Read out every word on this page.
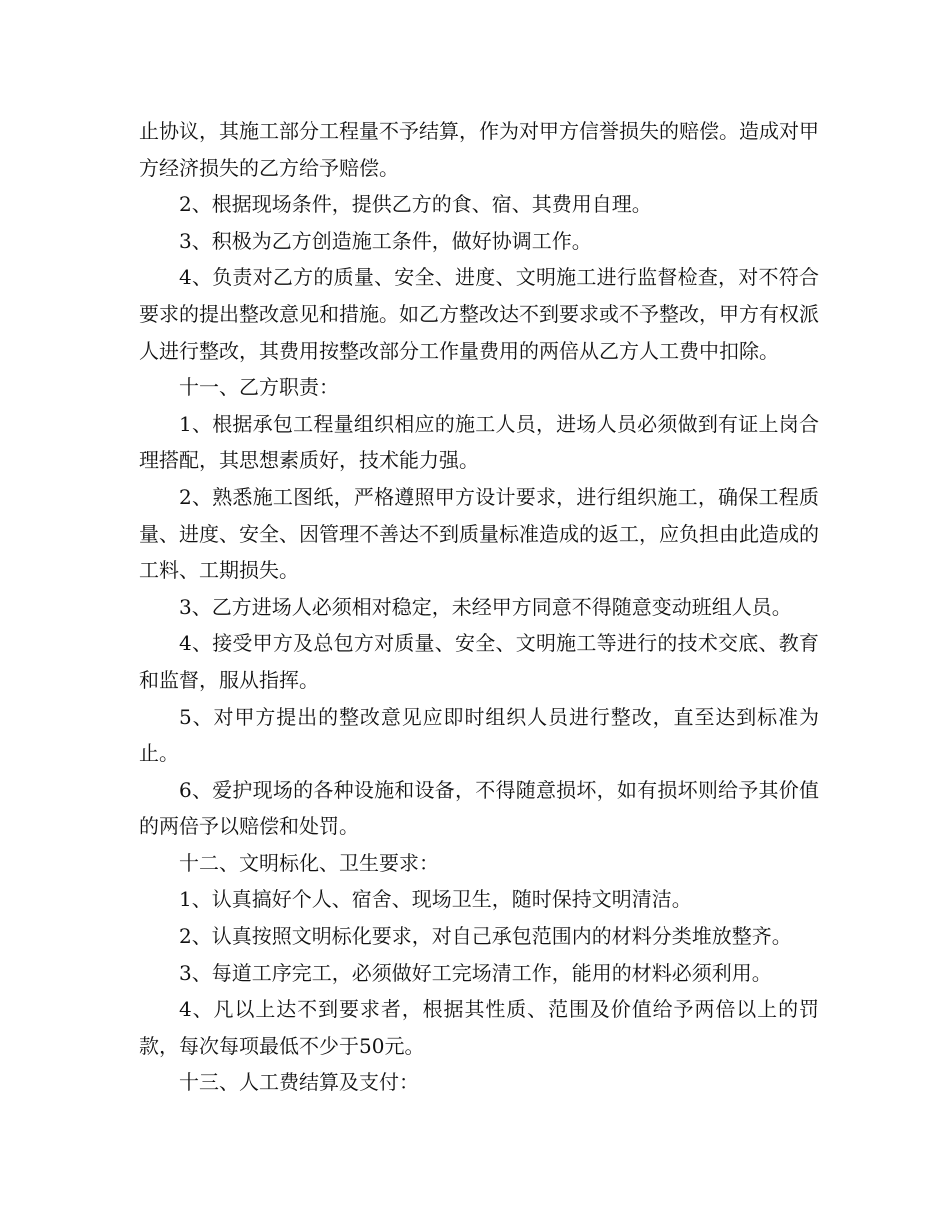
止协议，其施工部分工程量不予结算，作为对甲方信誉损失的赔偿。造成对甲方经济损失的乙方给予赔偿。

2、根据现场条件，提供乙方的食、宿、其费用自理。

3、积极为乙方创造施工条件，做好协调工作。

4、负责对乙方的质量、安全、进度、文明施工进行监督检查，对不符合要求的提出整改意见和措施。如乙方整改达不到要求或不予整改，甲方有权派人进行整改，其费用按整改部分工作量费用的两倍从乙方人工费中扣除。

十一、乙方职责：

1、根据承包工程量组织相应的施工人员，进场人员必须做到有证上岗合理搭配，其思想素质好，技术能力强。

2、熟悉施工图纸，严格遵照甲方设计要求，进行组织施工，确保工程质量、进度、安全、因管理不善达不到质量标准造成的返工，应负担由此造成的工料、工期损失。

3、乙方进场人必须相对稳定，未经甲方同意不得随意变动班组人员。

4、接受甲方及总包方对质量、安全、文明施工等进行的技术交底、教育和监督，服从指挥。

5、对甲方提出的整改意见应即时组织人员进行整改，直至达到标准为止。

6、爱护现场的各种设施和设备，不得随意损坏，如有损坏则给予其价值的两倍予以赔偿和处罚。

十二、文明标化、卫生要求：

1、认真搞好个人、宿舍、现场卫生，随时保持文明清洁。

2、认真按照文明标化要求，对自己承包范围内的材料分类堆放整齐。

3、每道工序完工，必须做好工完场清工作，能用的材料必须利用。

4、凡以上达不到要求者，根据其性质、范围及价值给予两倍以上的罚款，每次每项最低不少于50元。

十三、人工费结算及支付：
